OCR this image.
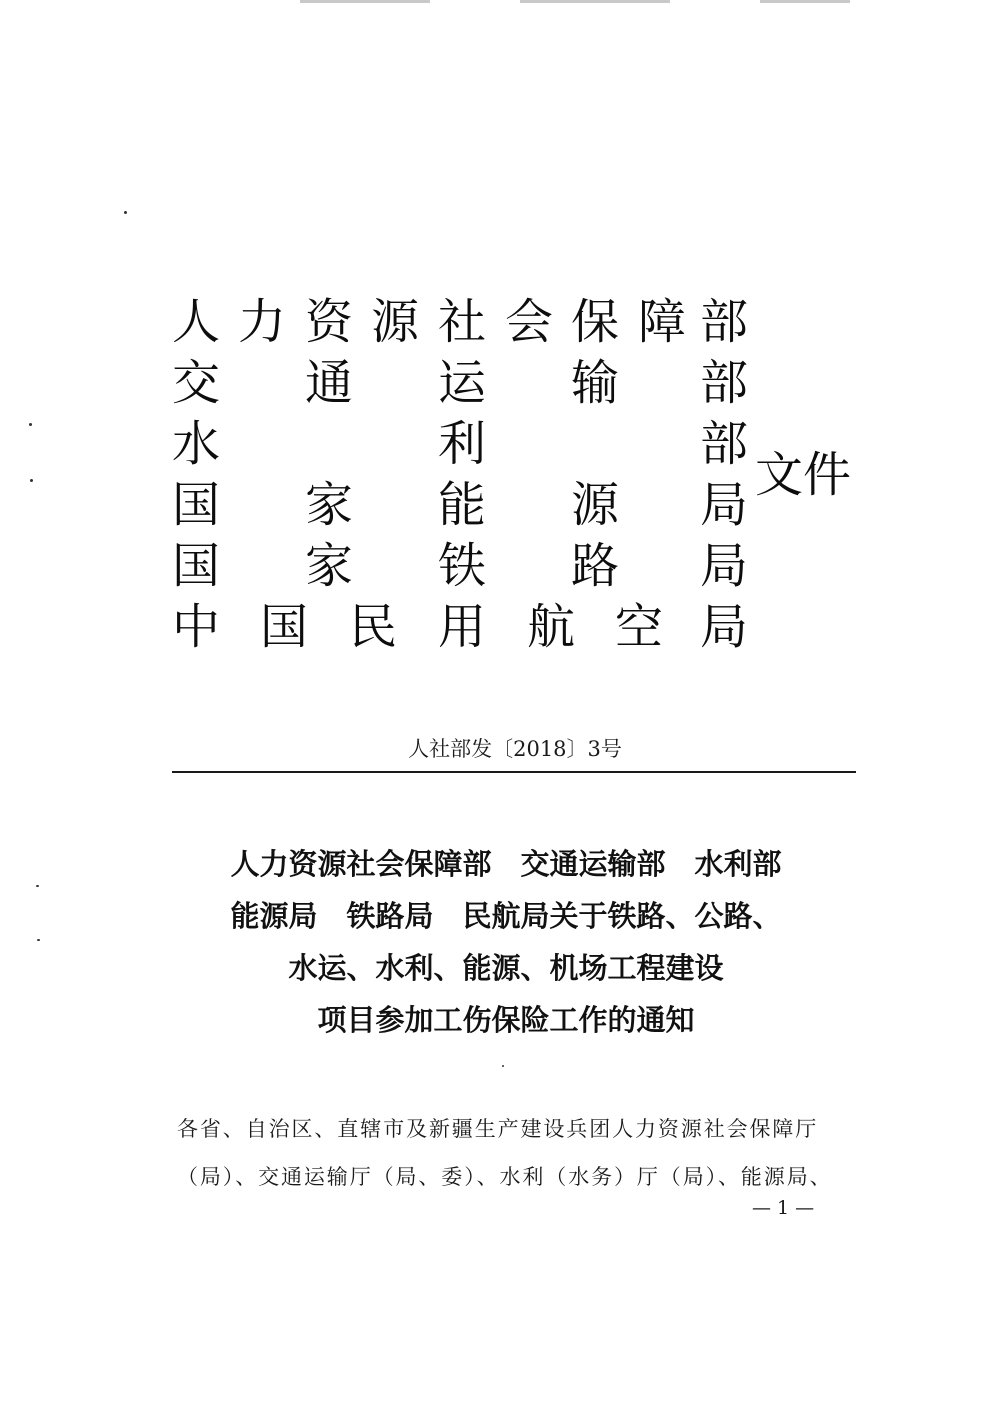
人 力 资 源 社 会 保 障 部
交 通 运 输 部
水	利	部
国 家 能 源 局
国 家 铁 路 局
中 国 民 用 航 空 局
文件
人社部发〔2018〕3号
人力资源社会保障部　交通运输部　水利部
能源局　铁路局　民航局关于铁路、公路、
水运、水利、能源、机场工程建设
项目参加工伤保险工作的通知
各省、自治区、直辖市及新疆生产建设兵团人力资源社会保障厅
（局）、交通运输厅（局、委）、水利（水务）厅（局）、能源局、
— 1 —
